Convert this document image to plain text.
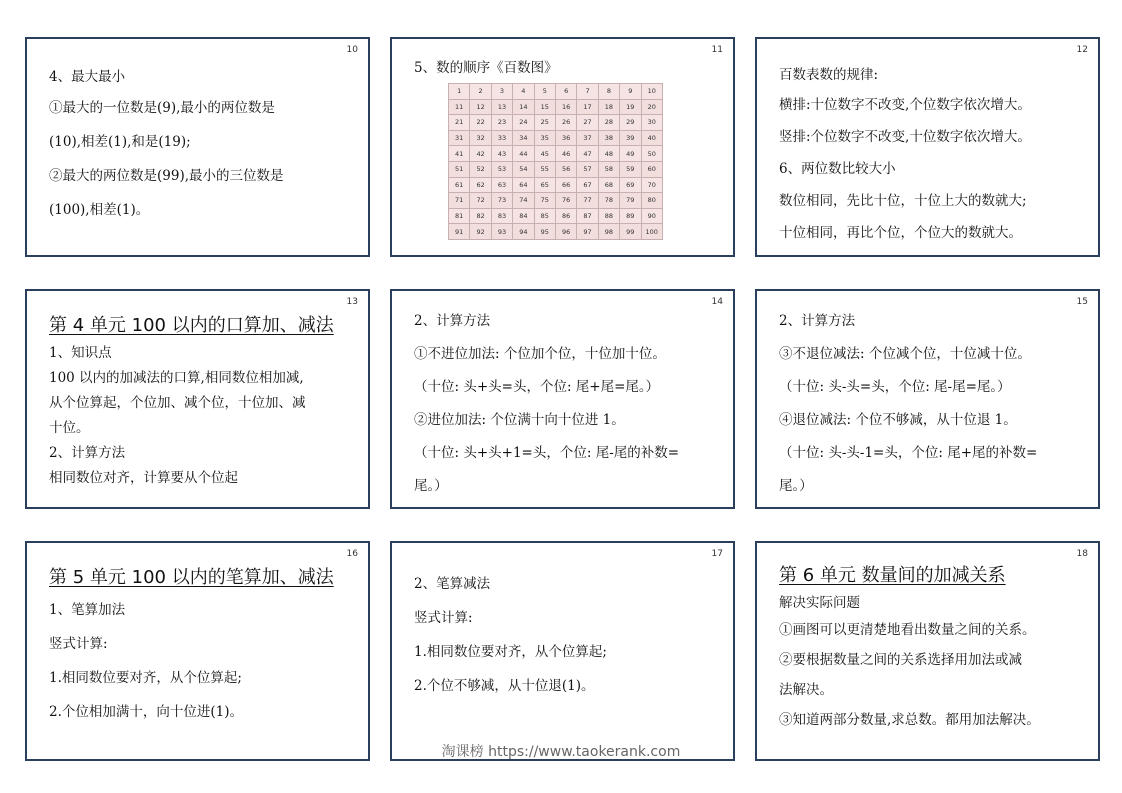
10
4、最大最小
①最大的一位数是(9),最小的两位数是
(10),相差(1),和是(19);
②最大的两位数是(99),最小的三位数是
(100),相差(1)。
11
5、数的顺序《百数图》
1	2	3	4	5	6	7	8	9	10
11	12	13	14	15	16	17	18	19	20
21	22	23	24	25	26	27	28	29	30
31	32	33	34	35	36	37	38	39	40
41	42	43	44	45	46	47	48	49	50
51	52	53	54	55	56	57	58	59	60
61	62	63	64	65	66	67	68	69	70
71	72	73	74	75	76	77	78	79	80
81	82	83	84	85	86	87	88	89	90
91	92	93	94	95	96	97	98	99	100
12
百数表数的规律:
横排:十位数字不改变,个位数字依次增大。
竖排:个位数字不改变,十位数字依次增大。
6、两位数比较大小
数位相同，先比十位，十位上大的数就大;
十位相同，再比个位，个位大的数就大。
13
第 4 单元 100 以内的口算加、减法
1、知识点
100 以内的加减法的口算,相同数位相加减,
从个位算起，个位加、减个位，十位加、减
十位。
2、计算方法
相同数位对齐，计算要从个位起
14
2、计算方法
①不进位加法: 个位加个位，十位加十位。
（十位: 头+头=头，个位: 尾+尾=尾。）
②进位加法: 个位满十向十位进 1。
（十位: 头+头+1=头，个位: 尾-尾的补数=
尾。）
15
2、计算方法
③不退位减法: 个位减个位，十位减十位。
（十位: 头-头=头，个位: 尾-尾=尾。）
④退位减法: 个位不够减，从十位退 1。
（十位: 头-头-1=头，个位: 尾+尾的补数=
尾。）
16
第 5 单元 100 以内的笔算加、减法
1、笔算加法
竖式计算:
1.相同数位要对齐，从个位算起;
2.个位相加满十，向十位进(1)。
17
2、笔算减法
竖式计算:
1.相同数位要对齐，从个位算起;
2.个位不够减，从十位退(1)。
18
第 6 单元 数量间的加减关系
解决实际问题
①画图可以更清楚地看出数量之间的关系。
②要根据数量之间的关系选择用加法或减
法解决。
③知道两部分数量,求总数。都用加法解决。
淘课榜 https://www.taokerank.com
